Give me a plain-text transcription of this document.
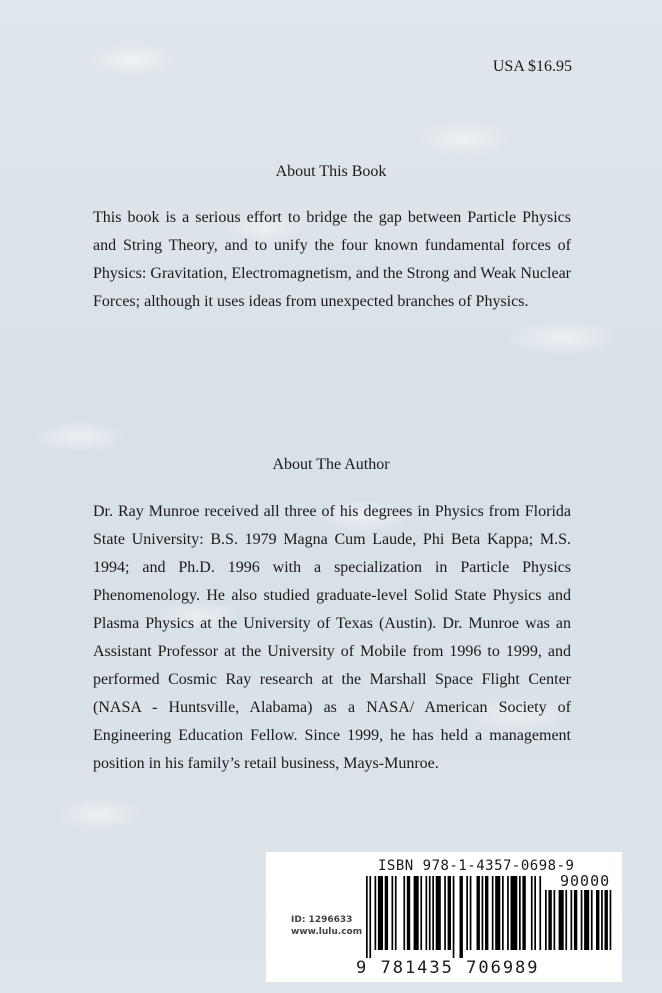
USA $16.95
About This Book

This book is a serious effort to bridge the gap between Particle Physics and String Theory, and to unify the four known fundamental forces of Physics: Gravitation, Electromagnetism, and the Strong and Weak Nuclear Forces; although it uses ideas from unexpected branches of Physics.

About The Author

Dr. Ray Munroe received all three of his degrees in Physics from Florida State University: B.S. 1979 Magna Cum Laude, Phi Beta Kappa; M.S. 1994; and Ph.D. 1996 with a specialization in Particle Physics Phenomenology. He also studied graduate-level Solid State Physics and Plasma Physics at the University of Texas (Austin). Dr. Munroe was an Assistant Professor at the University of Mobile from 1996 to 1999, and performed Cosmic Ray research at the Marshall Space Flight Center (NASA - Huntsville, Alabama) as a NASA/ American Society of Engineering Education Fellow. Since 1999, he has held a management position in his family’s retail business, Mays-Munroe.

ISBN 978-1-4357-0698-9
90000
ID: 1296633
www.lulu.com
9 781435 706989
